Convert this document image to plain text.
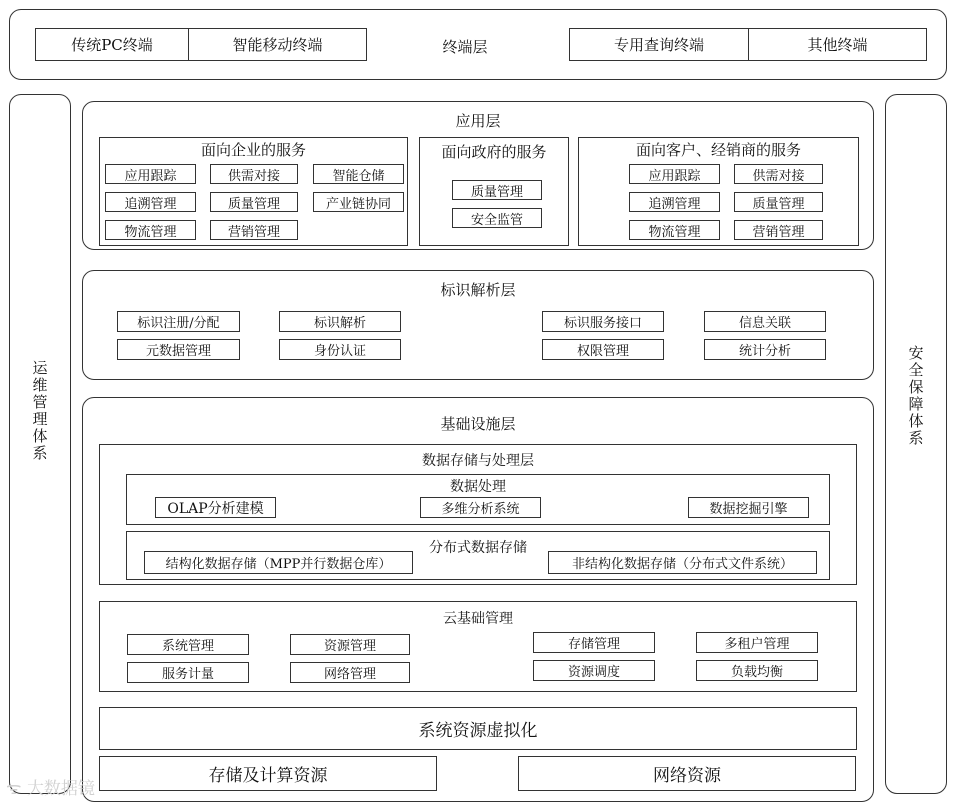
传统PC终端	智能移动终端	终端层	专用查询终端	其他终端
运维管理体系
安全保障体系
应用层
面向企业的服务
应用跟踪	供需对接	智能仓储
追溯管理	质量管理	产业链协同
物流管理	营销管理
面向政府的服务
质量管理
安全监管
面向客户、经销商的服务
应用跟踪	供需对接
追溯管理	质量管理
物流管理	营销管理
标识解析层
标识注册/分配	标识解析	标识服务接口	信息关联
元数据管理	身份认证	权限管理	统计分析
基础设施层
数据存储与处理层
数据处理
OLAP分析建模	多维分析系统	数据挖掘引擎
分布式数据存储
结构化数据存储（MPP并行数据仓库）	非结构化数据存储（分布式文件系统）
云基础管理
系统管理	资源管理	存储管理	多租户管理
服务计量	网络管理	资源调度	负载均衡
系统资源虚拟化
存储及计算资源	网络资源
ᯤ 大数据镜
